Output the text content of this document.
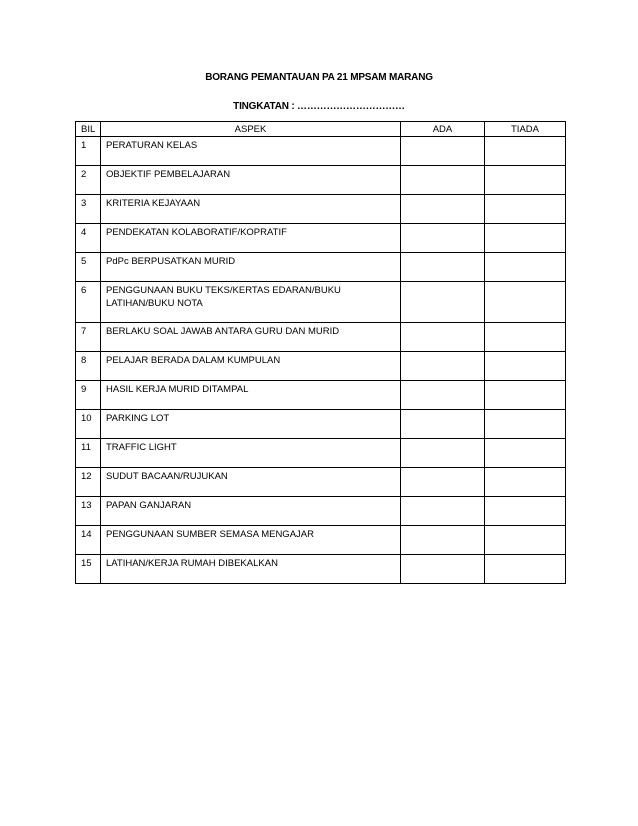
BORANG PEMANTAUAN PA 21 MPSAM MARANG
TINGKATAN : ……………………………
BIL	ASPEK	ADA	TIADA
1	PERATURAN KELAS		
2	OBJEKTIF PEMBELAJARAN		
3	KRITERIA KEJAYAAN		
4	PENDEKATAN KOLABORATIF/KOPRATIF		
5	PdPc BERPUSATKAN MURID		
6	PENGGUNAAN BUKU TEKS/KERTAS EDARAN/BUKU LATIHAN/BUKU NOTA		
7	BERLAKU SOAL JAWAB ANTARA GURU DAN MURID		
8	PELAJAR BERADA DALAM KUMPULAN		
9	HASIL KERJA MURID DITAMPAL		
10	PARKING LOT		
11	TRAFFIC LIGHT		
12	SUDUT BACAAN/RUJUKAN		
13	PAPAN GANJARAN		
14	PENGGUNAAN SUMBER SEMASA MENGAJAR		
15	LATIHAN/KERJA RUMAH DIBEKALKAN		
